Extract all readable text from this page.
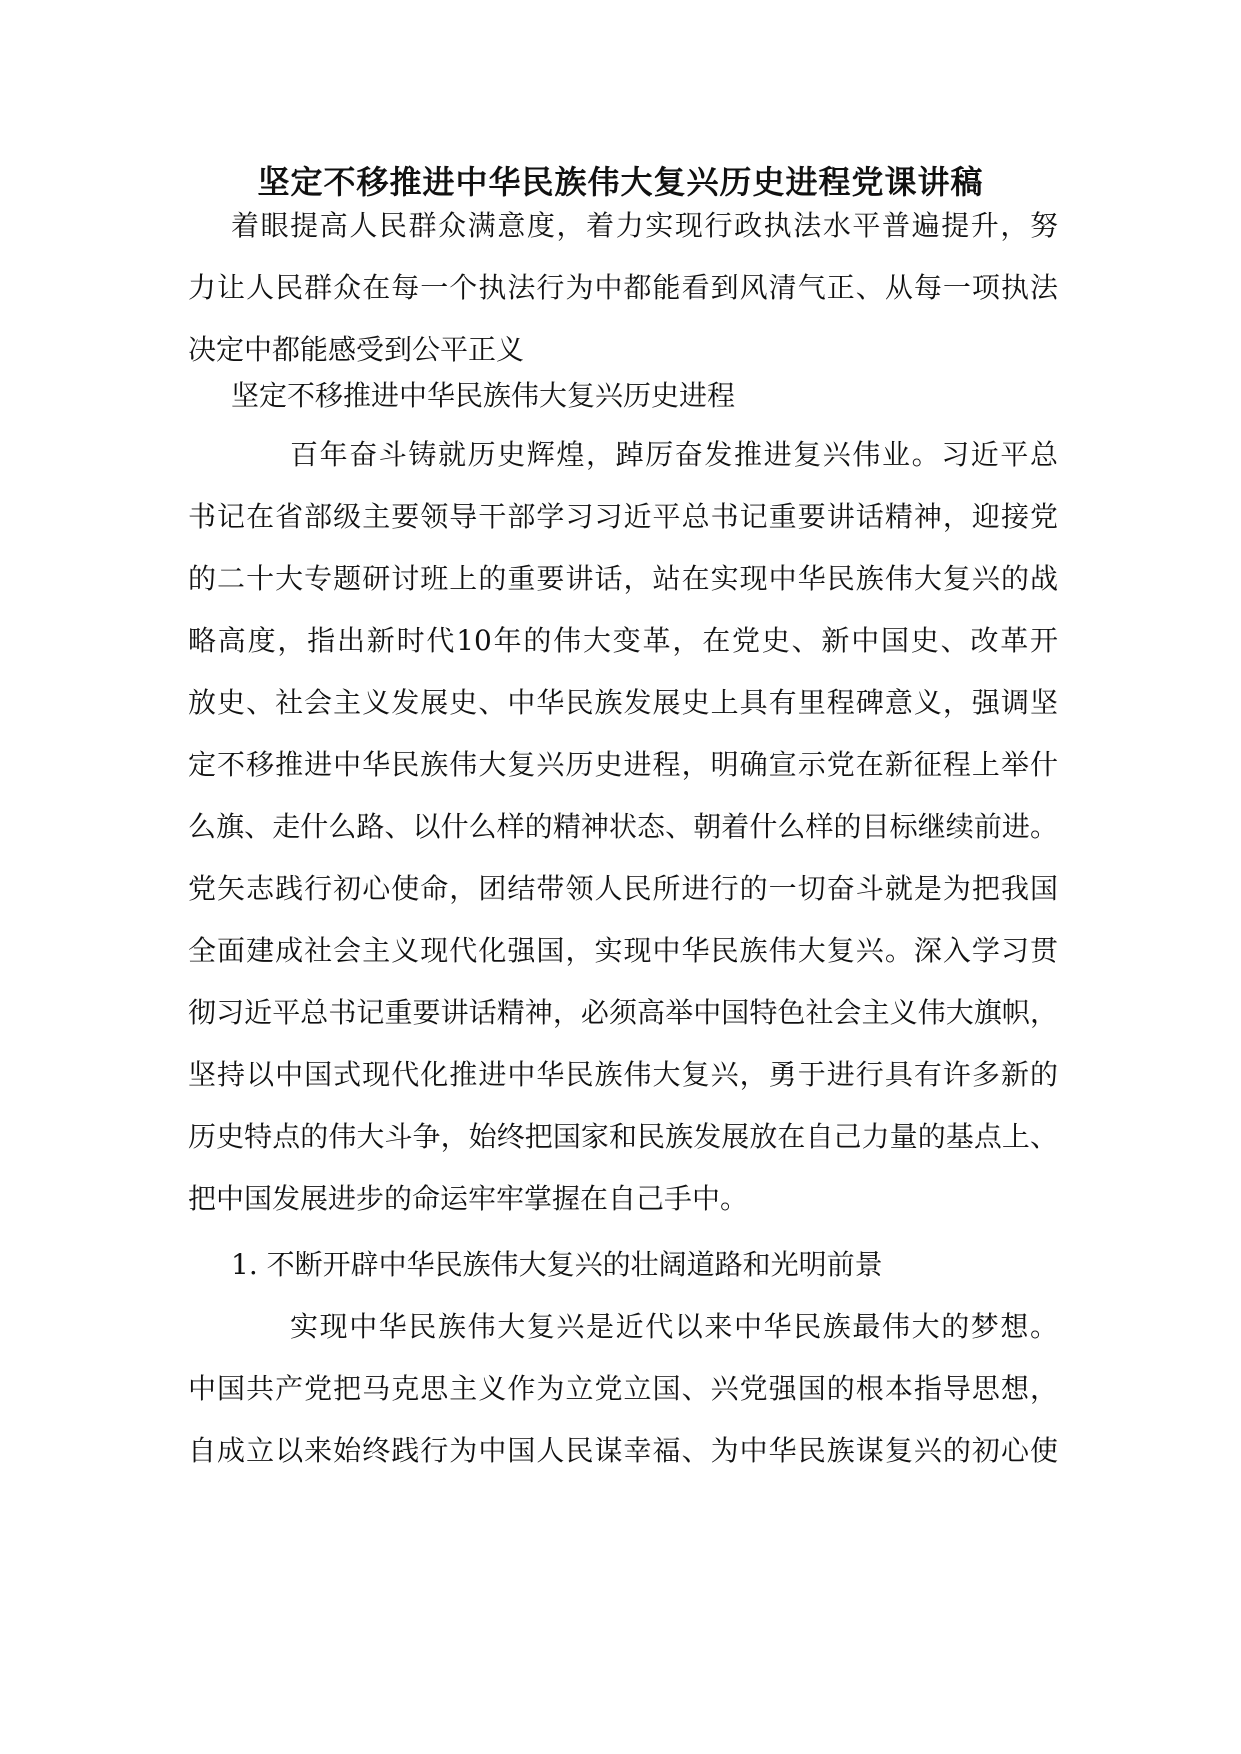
坚定不移推进中华民族伟大复兴历史进程党课讲稿
着眼提高人民群众满意度，着力实现行政执法水平普遍提升，努
力让人民群众在每一个执法行为中都能看到风清气正、从每一项执法
决定中都能感受到公平正义
坚定不移推进中华民族伟大复兴历史进程
百年奋斗铸就历史辉煌，踔厉奋发推进复兴伟业。习近平总
书记在省部级主要领导干部学习习近平总书记重要讲话精神，迎接党
的二十大专题研讨班上的重要讲话，站在实现中华民族伟大复兴的战
略高度，指出新时代10年的伟大变革，在党史、新中国史、改革开
放史、社会主义发展史、中华民族发展史上具有里程碑意义，强调坚
定不移推进中华民族伟大复兴历史进程，明确宣示党在新征程上举什
么旗、走什么路、以什么样的精神状态、朝着什么样的目标继续前进。
党矢志践行初心使命，团结带领人民所进行的一切奋斗就是为把我国
全面建成社会主义现代化强国，实现中华民族伟大复兴。深入学习贯
彻习近平总书记重要讲话精神，必须高举中国特色社会主义伟大旗帜，
坚持以中国式现代化推进中华民族伟大复兴，勇于进行具有许多新的
历史特点的伟大斗争，始终把国家和民族发展放在自己力量的基点上、
把中国发展进步的命运牢牢掌握在自己手中。
1. 不断开辟中华民族伟大复兴的壮阔道路和光明前景
实现中华民族伟大复兴是近代以来中华民族最伟大的梦想。
中国共产党把马克思主义作为立党立国、兴党强国的根本指导思想，
自成立以来始终践行为中国人民谋幸福、为中华民族谋复兴的初心使
